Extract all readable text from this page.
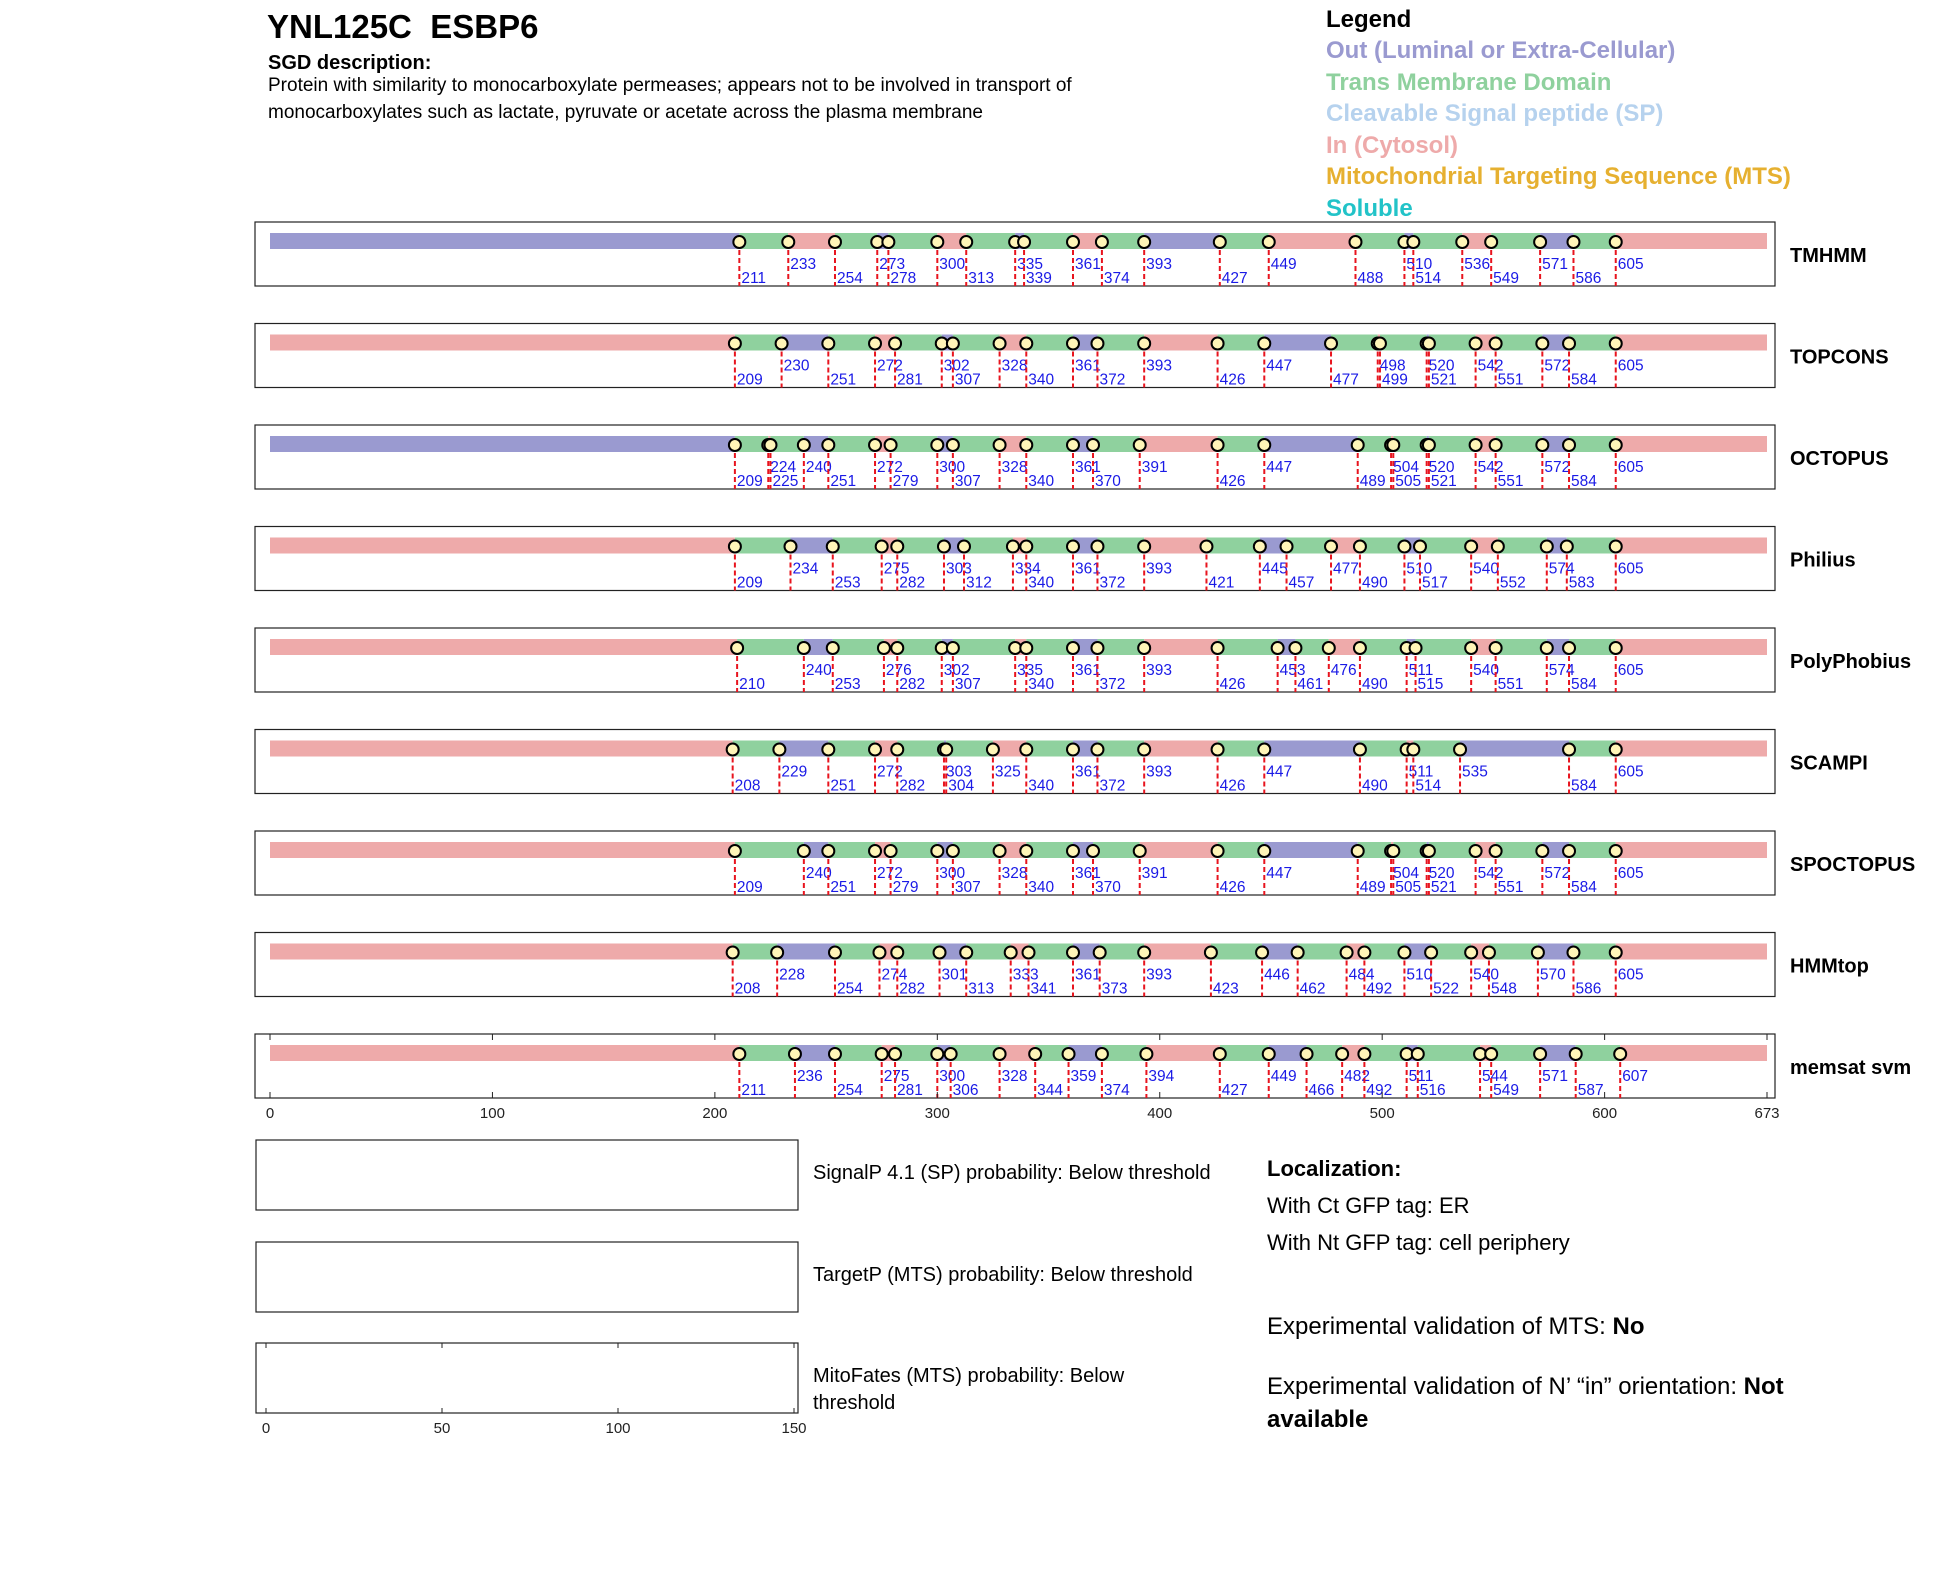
YNL125C  ESBP6
SGD description:
Protein with similarity to monocarboxylate permeases; appears not to be involved in transport of monocarboxylates such as lactate, pyruvate or acetate across the plasma membrane
Legend
Out (Luminal or Extra-Cellular)
Trans Membrane Domain
Cleavable Signal peptide (SP)
In (Cytosol)
Mitochondrial Targeting Sequence (MTS)
Soluble
211
233
254
273
278
300
313
335
339
361
374
393
427
449
488
510
514
536
549
571
586
605	TMHMM
209
230
251
272
281
302
307
328
340
361
372
393
426
447
477
498
499
520
521
542
551
572
584
605	TOPCONS
209
224
225
240
251
272
279
300
307
328
340
361
370
391
426
447
489
504
505
520
521
542
551
572
584
605	OCTOPUS
209
234
253
275
282
303
312
334
340
361
372
393
421
445
457
477
490
510
517
540
552
574
583
605	Philius
210
240
253
276
282
302
307
335
340
361
372
393
426
453
461
476
490
511
515
540
551
574
584
605	PolyPhobius
208
229
251
272
282
303
304
325
340
361
372
393
426
447
490
511
514
535
584
605	SCAMPI
209
240
251
272
279
300
307
328
340
361
370
391
426
447
489
504
505
520
521
542
551
572
584
605	SPOCTOPUS
208
228
254
274
282
301
313
333
341
361
373
393
423
446
462
484
492
510
522
540
548
570
586
605	HMMtop
211
236
254
275
281
300
306
328
344
359
374
394
427
449
466
482
492
511
516
544
549
571
587
607	memsat svm
0	100	200	300	400	500	600	673
SignalP 4.1 (SP) probability: Below threshold
TargetP (MTS) probability: Below threshold
0	50	100	150
MitoFates (MTS) probability: Below
threshold
Localization:
With Ct GFP tag: ER
With Nt GFP tag: cell periphery
Experimental validation of MTS: No
Experimental validation of N’ “in” orientation: Not available
